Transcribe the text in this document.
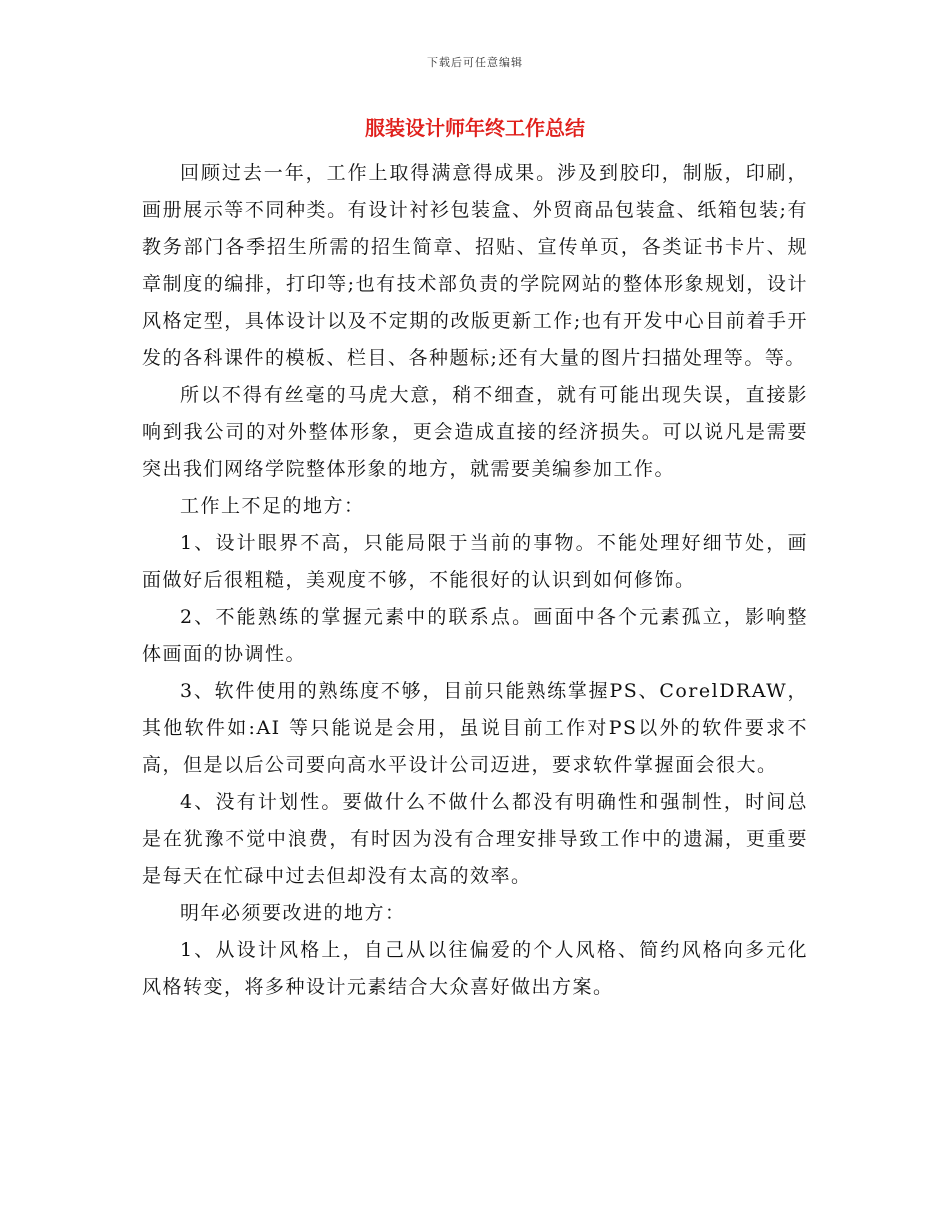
下载后可任意编辑
服装设计师年终工作总结

回顾过去一年，工作上取得满意得成果。涉及到胶印，制版，印刷，画册展示等不同种类。有设计衬衫包装盒、外贸商品包装盒、纸箱包装;有教务部门各季招生所需的招生简章、招贴、宣传单页，各类证书卡片、规章制度的编排，打印等;也有技术部负责的学院网站的整体形象规划，设计风格定型，具体设计以及不定期的改版更新工作;也有开发中心目前着手开发的各科课件的模板、栏目、各种题标;还有大量的图片扫描处理等。等。

所以不得有丝毫的马虎大意，稍不细查，就有可能出现失误，直接影响到我公司的对外整体形象，更会造成直接的经济损失。可以说凡是需要突出我们网络学院整体形象的地方，就需要美编参加工作。

工作上不足的地方：

1、设计眼界不高，只能局限于当前的事物。不能处理好细节处，画面做好后很粗糙，美观度不够，不能很好的认识到如何修饰。

2、不能熟练的掌握元素中的联系点。画面中各个元素孤立，影响整体画面的协调性。

3、软件使用的熟练度不够，目前只能熟练掌握PS、CorelDRAW，其他软件如:AI 等只能说是会用，虽说目前工作对PS以外的软件要求不高，但是以后公司要向高水平设计公司迈进，要求软件掌握面会很大。

4、没有计划性。要做什么不做什么都没有明确性和强制性，时间总是在犹豫不觉中浪费，有时因为没有合理安排导致工作中的遗漏，更重要是每天在忙碌中过去但却没有太高的效率。

明年必须要改进的地方：

1、从设计风格上，自己从以往偏爱的个人风格、简约风格向多元化风格转变，将多种设计元素结合大众喜好做出方案。
